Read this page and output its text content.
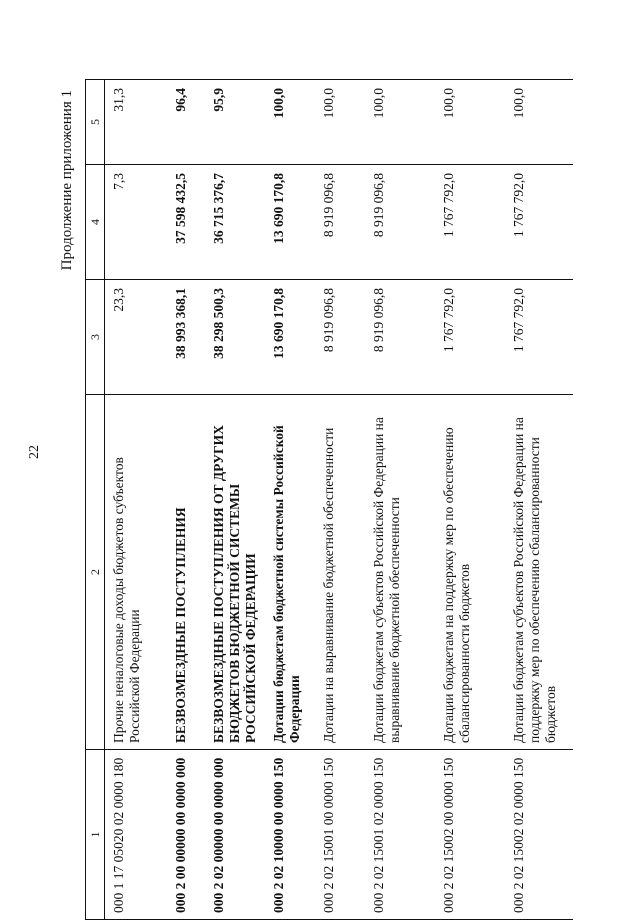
22
Продолжение приложения 1
1	2	3	4	5
000 1 17 05020 02 0000 180	Прочие неналоговые доходы бюджетов субъектов Российской Федерации	23,3	7,3	31,3
000 2 00 00000 00 0000 000	БЕЗВОЗМЕЗДНЫЕ ПОСТУПЛЕНИЯ	38 993 368,1	37 598 432,5	96,4
000 2 02 00000 00 0000 000	БЕЗВОЗМЕЗДНЫЕ ПОСТУПЛЕНИЯ ОТ ДРУГИХ БЮДЖЕТОВ БЮДЖЕТНОЙ СИСТЕМЫ РОССИЙСКОЙ ФЕДЕРАЦИИ	38 298 500,3	36 715 376,7	95,9
000 2 02 10000 00 0000 150	Дотации бюджетам бюджетной системы Российской Федерации	13 690 170,8	13 690 170,8	100,0
000 2 02 15001 00 0000 150	Дотации на выравнивание бюджетной обеспеченности	8 919 096,8	8 919 096,8	100,0
000 2 02 15001 02 0000 150	Дотации бюджетам субъектов Российской Федерации на выравнивание бюджетной обеспеченности	8 919 096,8	8 919 096,8	100,0
000 2 02 15002 00 0000 150	Дотации бюджетам на поддержку мер по обеспечению сбалансированности бюджетов	1 767 792,0	1 767 792,0	100,0
000 2 02 15002 02 0000 150	Дотации бюджетам субъектов Российской Федерации на поддержку мер по обеспечению сбалансированности бюджетов	1 767 792,0	1 767 792,0	100,0
